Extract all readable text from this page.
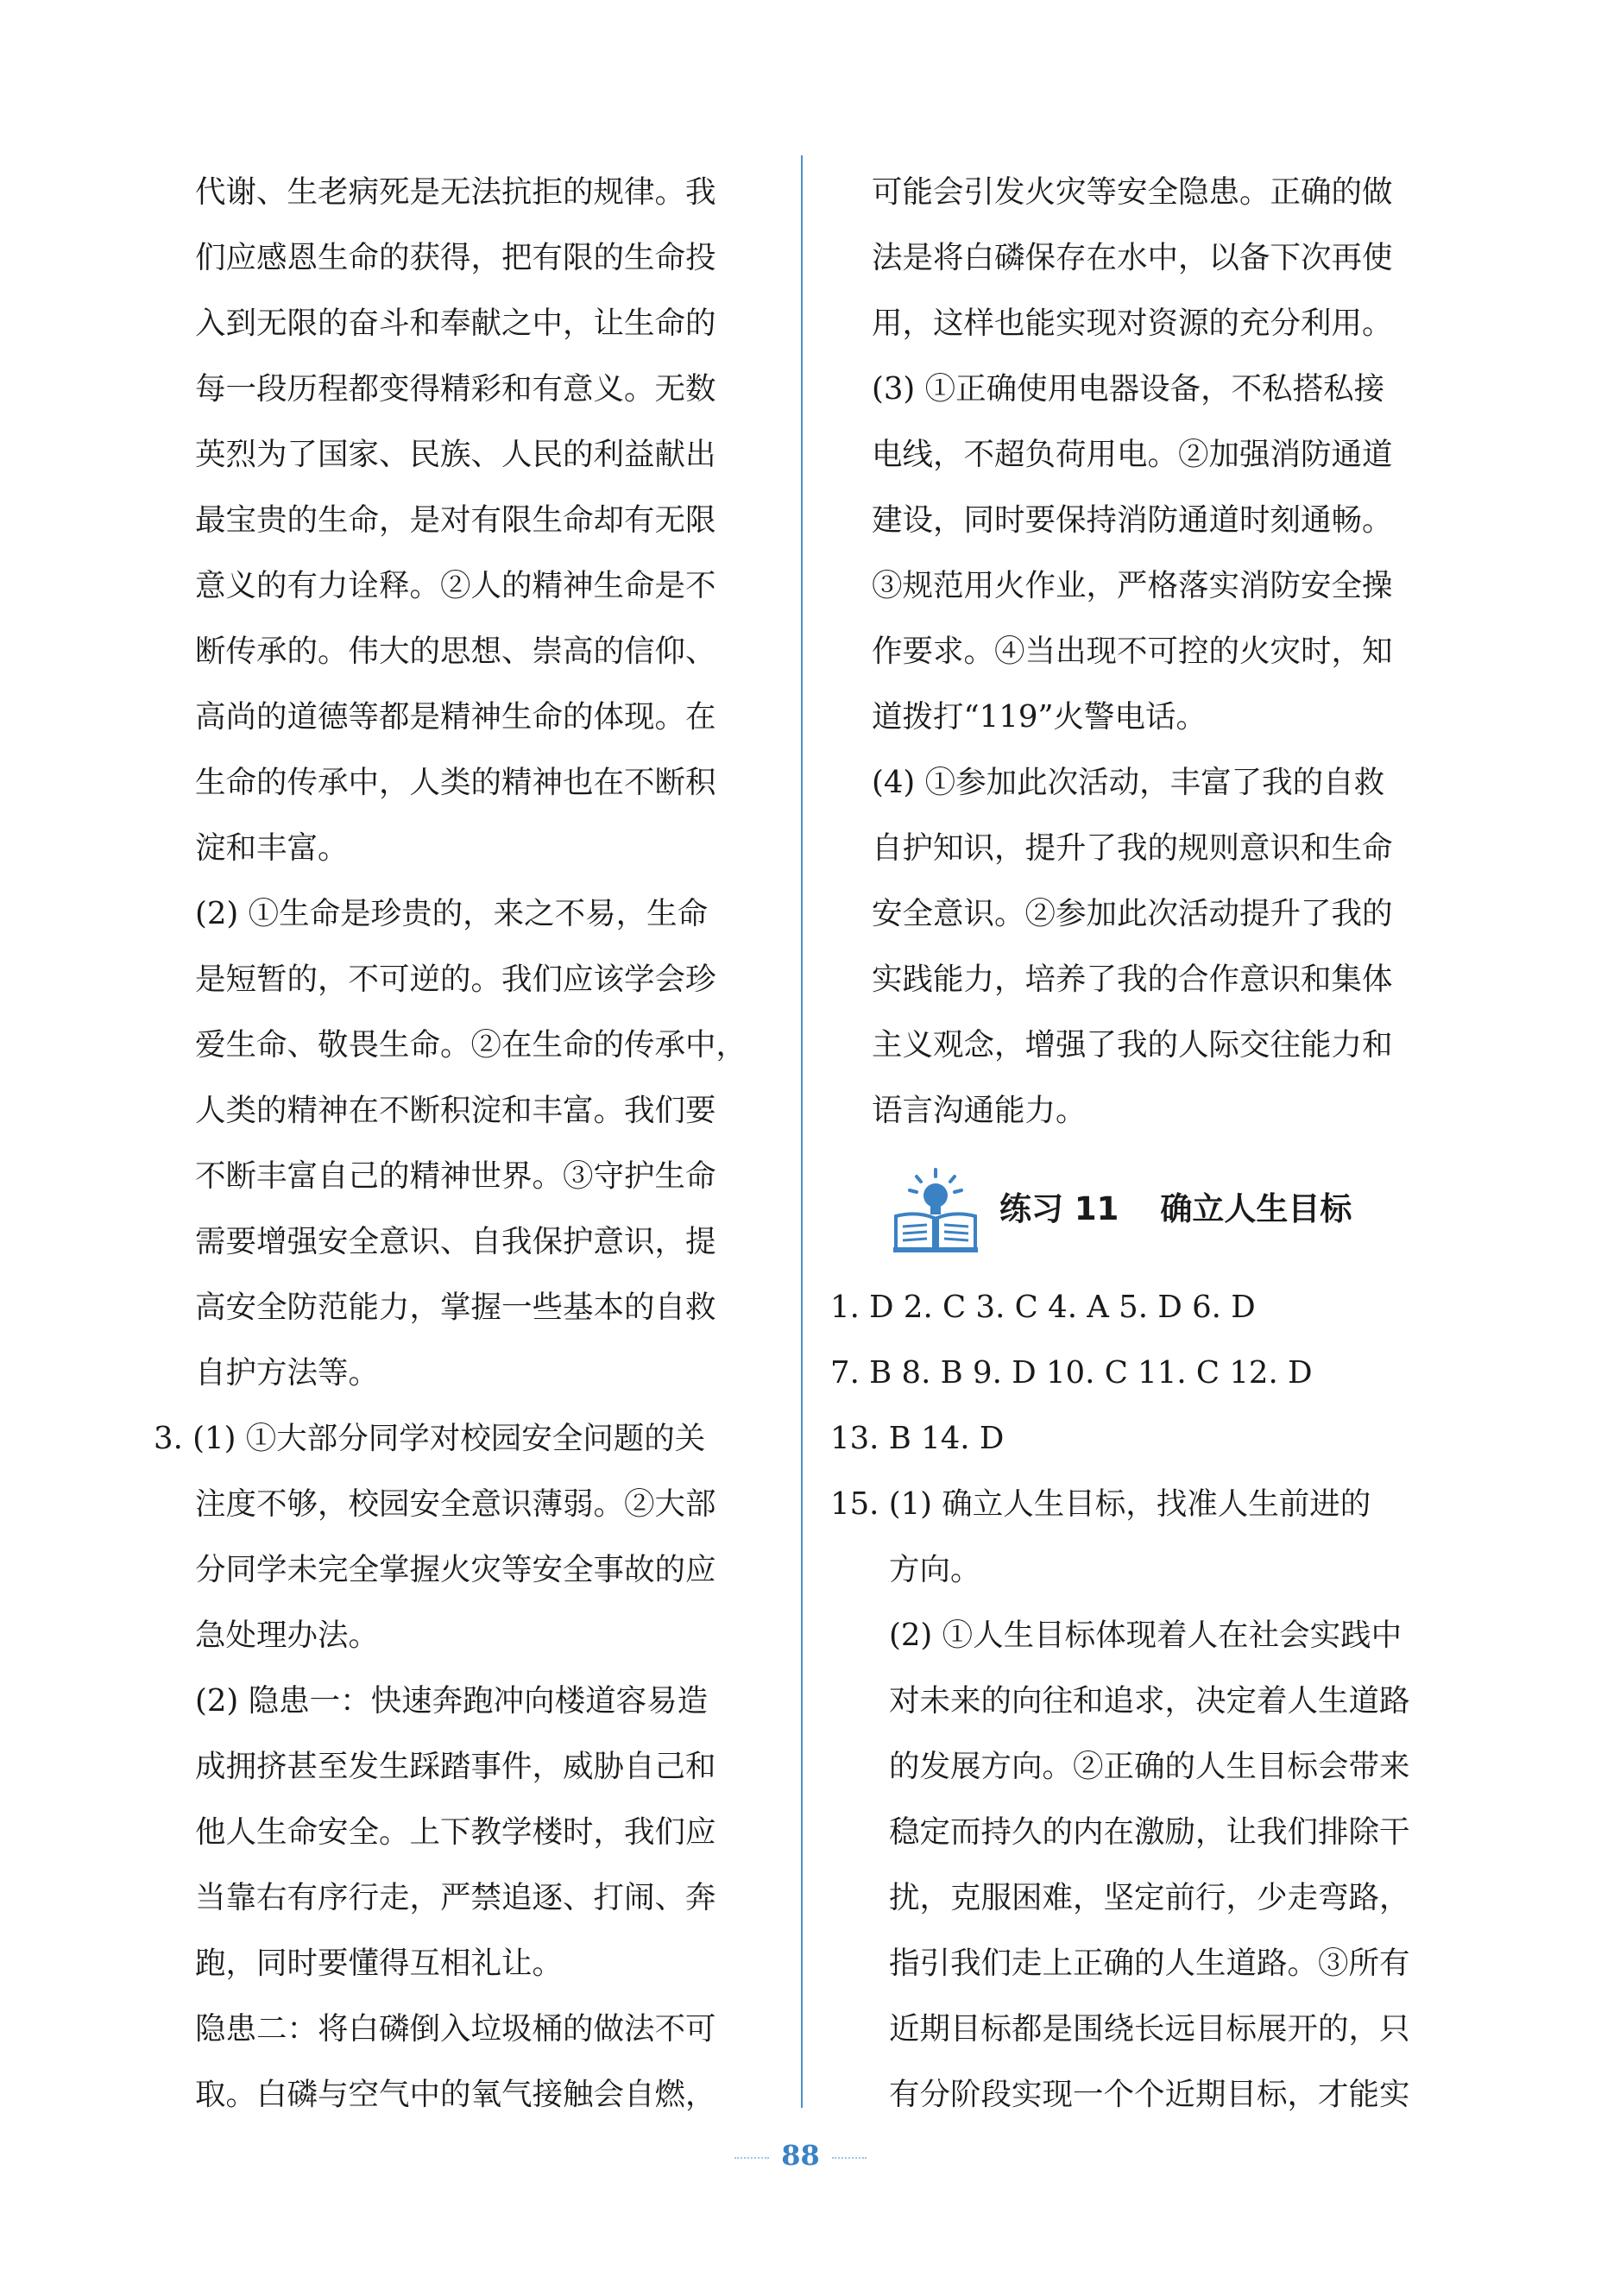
代谢、生老病死是无法抗拒的规律。我
们应感恩生命的获得，把有限的生命投
入到无限的奋斗和奉献之中，让生命的
每一段历程都变得精彩和有意义。无数
英烈为了国家、民族、人民的利益献出
最宝贵的生命，是对有限生命却有无限
意义的有力诠释。②人的精神生命是不
断传承的。伟大的思想、崇高的信仰、
高尚的道德等都是精神生命的体现。在
生命的传承中，人类的精神也在不断积
淀和丰富。
(2) ①生命是珍贵的，来之不易，生命
是短暂的，不可逆的。我们应该学会珍
爱生命、敬畏生命。②在生命的传承中，
人类的精神在不断积淀和丰富。我们要
不断丰富自己的精神世界。③守护生命
需要增强安全意识、自我保护意识，提
高安全防范能力，掌握一些基本的自救
自护方法等。
3. (1) ①大部分同学对校园安全问题的关
注度不够，校园安全意识薄弱。②大部
分同学未完全掌握火灾等安全事故的应
急处理办法。
(2) 隐患一：快速奔跑冲向楼道容易造
成拥挤甚至发生踩踏事件，威胁自己和
他人生命安全。上下教学楼时，我们应
当靠右有序行走，严禁追逐、打闹、奔
跑，同时要懂得互相礼让。
隐患二：将白磷倒入垃圾桶的做法不可
取。白磷与空气中的氧气接触会自燃，
可能会引发火灾等安全隐患。正确的做
法是将白磷保存在水中，以备下次再使
用，这样也能实现对资源的充分利用。
(3) ①正确使用电器设备，不私搭私接
电线，不超负荷用电。②加强消防通道
建设，同时要保持消防通道时刻通畅。
③规范用火作业，严格落实消防安全操
作要求。④当出现不可控的火灾时，知
道拨打“119”火警电话。
(4) ①参加此次活动，丰富了我的自救
自护知识，提升了我的规则意识和生命
安全意识。②参加此次活动提升了我的
实践能力，培养了我的合作意识和集体
主义观念，增强了我的人际交往能力和
语言沟通能力。
练习 11 确立人生目标
1. D 2. C 3. C 4. A 5. D 6. D
7. B 8. B 9. D 10. C 11. C 12. D
13. B 14. D
15. (1) 确立人生目标，找准人生前进的
方向。
(2) ①人生目标体现着人在社会实践中
对未来的向往和追求，决定着人生道路
的发展方向。②正确的人生目标会带来
稳定而持久的内在激励，让我们排除干
扰，克服困难，坚定前行，少走弯路，
指引我们走上正确的人生道路。③所有
近期目标都是围绕长远目标展开的，只
有分阶段实现一个个近期目标，才能实
88
